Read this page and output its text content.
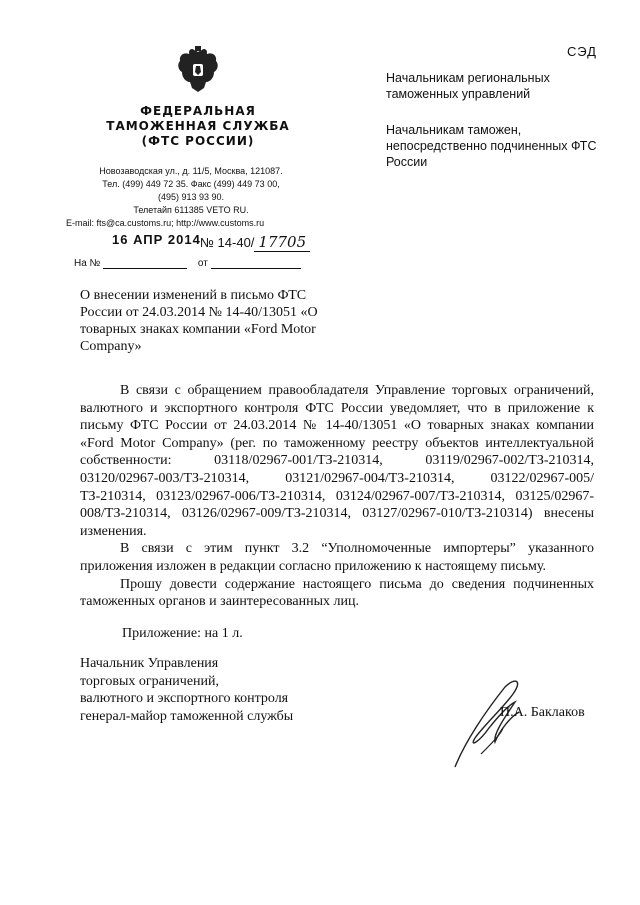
СЭД
ФЕДЕРАЛЬНАЯ
ТАМОЖЕННАЯ СЛУЖБА
(ФТС РОССИИ)
Новозаводская ул., д. 11/5, Москва, 121087.
Тел. (499) 449 72 35. Факс (499) 449 73 00,
(495) 913 93 90.
Телетайп 611385 VETO RU.
E-mail: fts@ca.customs.ru; http://www.customs.ru
16 АПР 2014 № 14-40/ 17705
На №	от
Начальникам региональных таможенных управлений
Начальникам таможен, непосредственно подчиненных ФТС России
О внесении изменений в письмо ФТС России от 24.03.2014 № 14-40/13051 «О товарных знаках компании «Ford Motor Company»

В связи с обращением правообладателя Управление торговых ограничений, валютного и экспортного контроля ФТС России уведомляет, что в приложение к письму ФТС России от 24.03.2014 № 14-40/13051 «О товарных знаках компании «Ford Motor Company» (рег. по таможенному реестру объектов интеллектуальной собственности: 03118/02967-001/ТЗ-210314, 03119/02967-002/ТЗ-210314, 03120/02967-003/ТЗ-210314, 03121/02967-004/ТЗ-210314, 03122/02967-005/ТЗ-210314, 03123/02967-006/ТЗ-210314, 03124/02967-007/ТЗ-210314, 03125/02967-008/ТЗ-210314, 03126/02967-009/ТЗ-210314, 03127/02967-010/ТЗ-210314) внесены изменения.

В связи с этим пункт 3.2 “Уполномоченные импортеры” указанного приложения изложен в редакции согласно приложению к настоящему письму.

Прошу довести содержание настоящего письма до сведения подчиненных таможенных органов и заинтересованных лиц.

Приложение: на 1 л.
Начальник Управления
торговых ограничений,
валютного и экспортного контроля
генерал-майор таможенной службы	П.А. Баклаков
